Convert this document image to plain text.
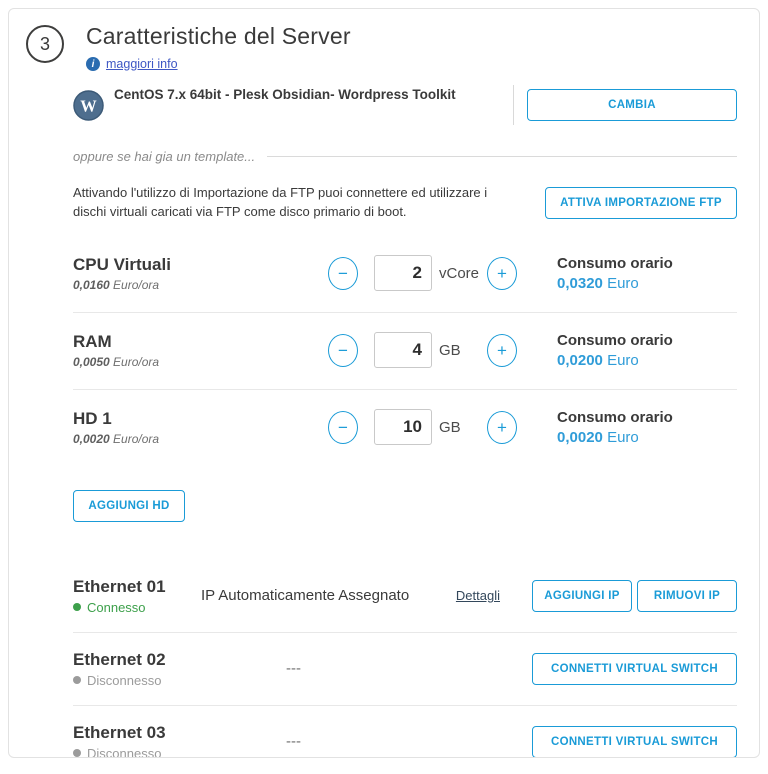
3	Caratteristiche del Server
i maggiori info
W
CentOS 7.x 64bit - Plesk Obsidian- Wordpress Toolkit
CAMBIA
oppure se hai gia un template...

Attivando l'utilizzo di Importazione da FTP puoi connettere ed utilizzare i dischi virtuali caricati via FTP come disco primario di boot.

ATTIVA IMPORTAZIONE FTP
CPU Virtuali
0,0160 Euro/ora
−
2	vCore	+
Consumo orario
0,0320 Euro
RAM
0,0050 Euro/ora
−
4	GB	+
Consumo orario
0,0200 Euro
HD 1
0,0020 Euro/ora
−
10	GB	+
Consumo orario
0,0020 Euro
AGGIUNGI HD
Ethernet 01
Connesso
IP Automaticamente Assegnato	Dettagli	AGGIUNGI IP	RIMUOVI IP
Ethernet 02
Disconnesso
---	CONNETTI VIRTUAL SWITCH
Ethernet 03
Disconnesso
---	CONNETTI VIRTUAL SWITCH
